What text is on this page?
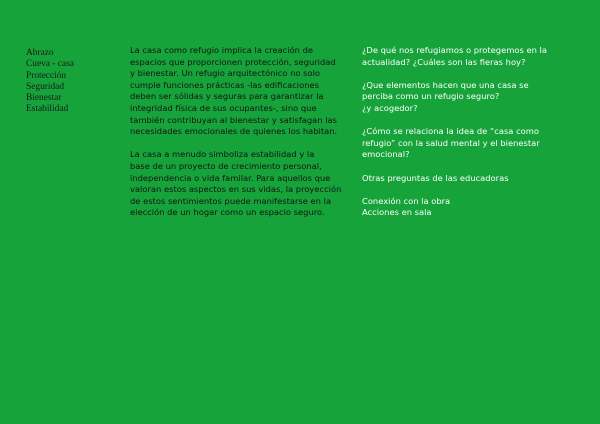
Abrazo
Cueva - casa
Protección
Seguridad
Bienestar
Estabilidad

La casa como refugio implica la creación de
espacios que proporcionen protección, seguridad
y bienestar. Un refugio arquitectónico no solo
cumple funciones prácticas -las edificaciones
deben ser sólidas y seguras para garantizar la
integridad física de sus ocupantes-, sino que
también contribuyan al bienestar y satisfagan las
necesidades emocionales de quienes los habitan.

La casa a menudo simboliza estabilidad y la
base de un proyecto de crecimiento personal,
independencia o vida familar. Para aquellos que
valoran estos aspectos en sus vidas, la proyección
de estos sentimientos puede manifestarse en la
elección de un hogar como un espacio seguro.

¿De qué nos refugiamos o protegemos en la
actualidad? ¿Cuáles son las fieras hoy?

¿Que elementos hacen que una casa se
perciba como un refugio seguro?
¿y acogedor?

¿Cómo se relaciona la idea de “casa como
refugio” con la salud mental y el bienestar
emocional?

Otras preguntas de las educadoras

Conexión con la obra

Acciones en sala
